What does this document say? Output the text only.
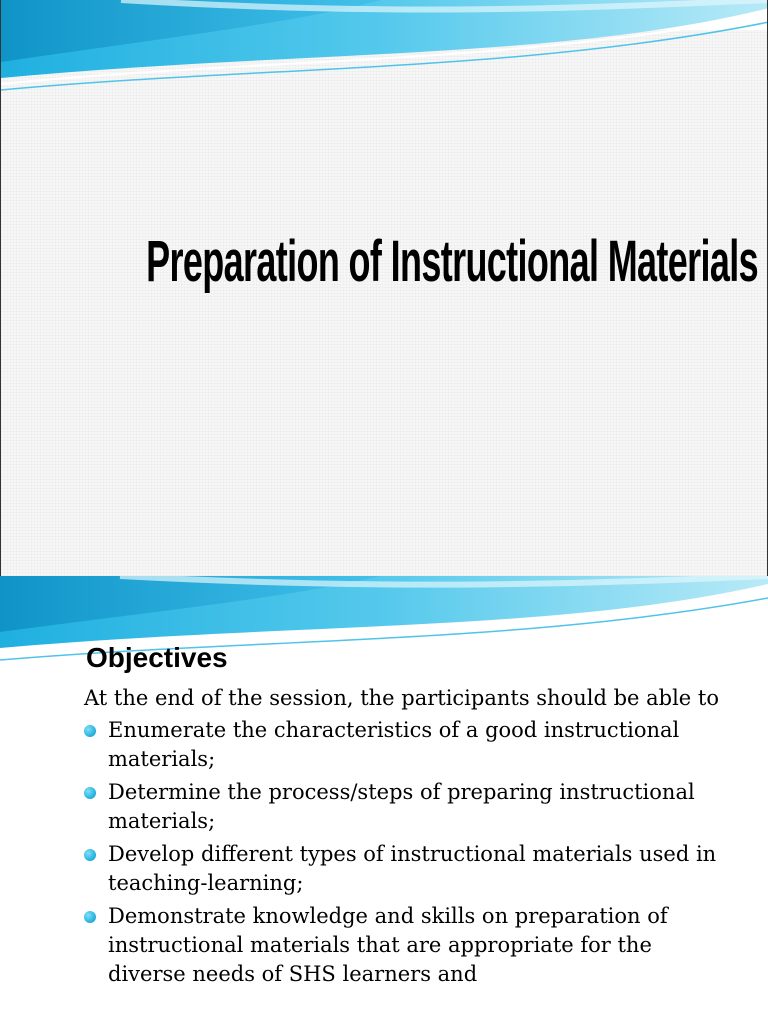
Preparation of Instructional Materials
Objectives

At the end of the session, the participants should be able to

Enumerate the characteristics of a good instructional materials;
Determine the process/steps of preparing instructional materials;
Develop different types of instructional materials used in teaching-learning;
Demonstrate knowledge and skills on preparation of instructional materials that are appropriate for the diverse needs of SHS learners and
